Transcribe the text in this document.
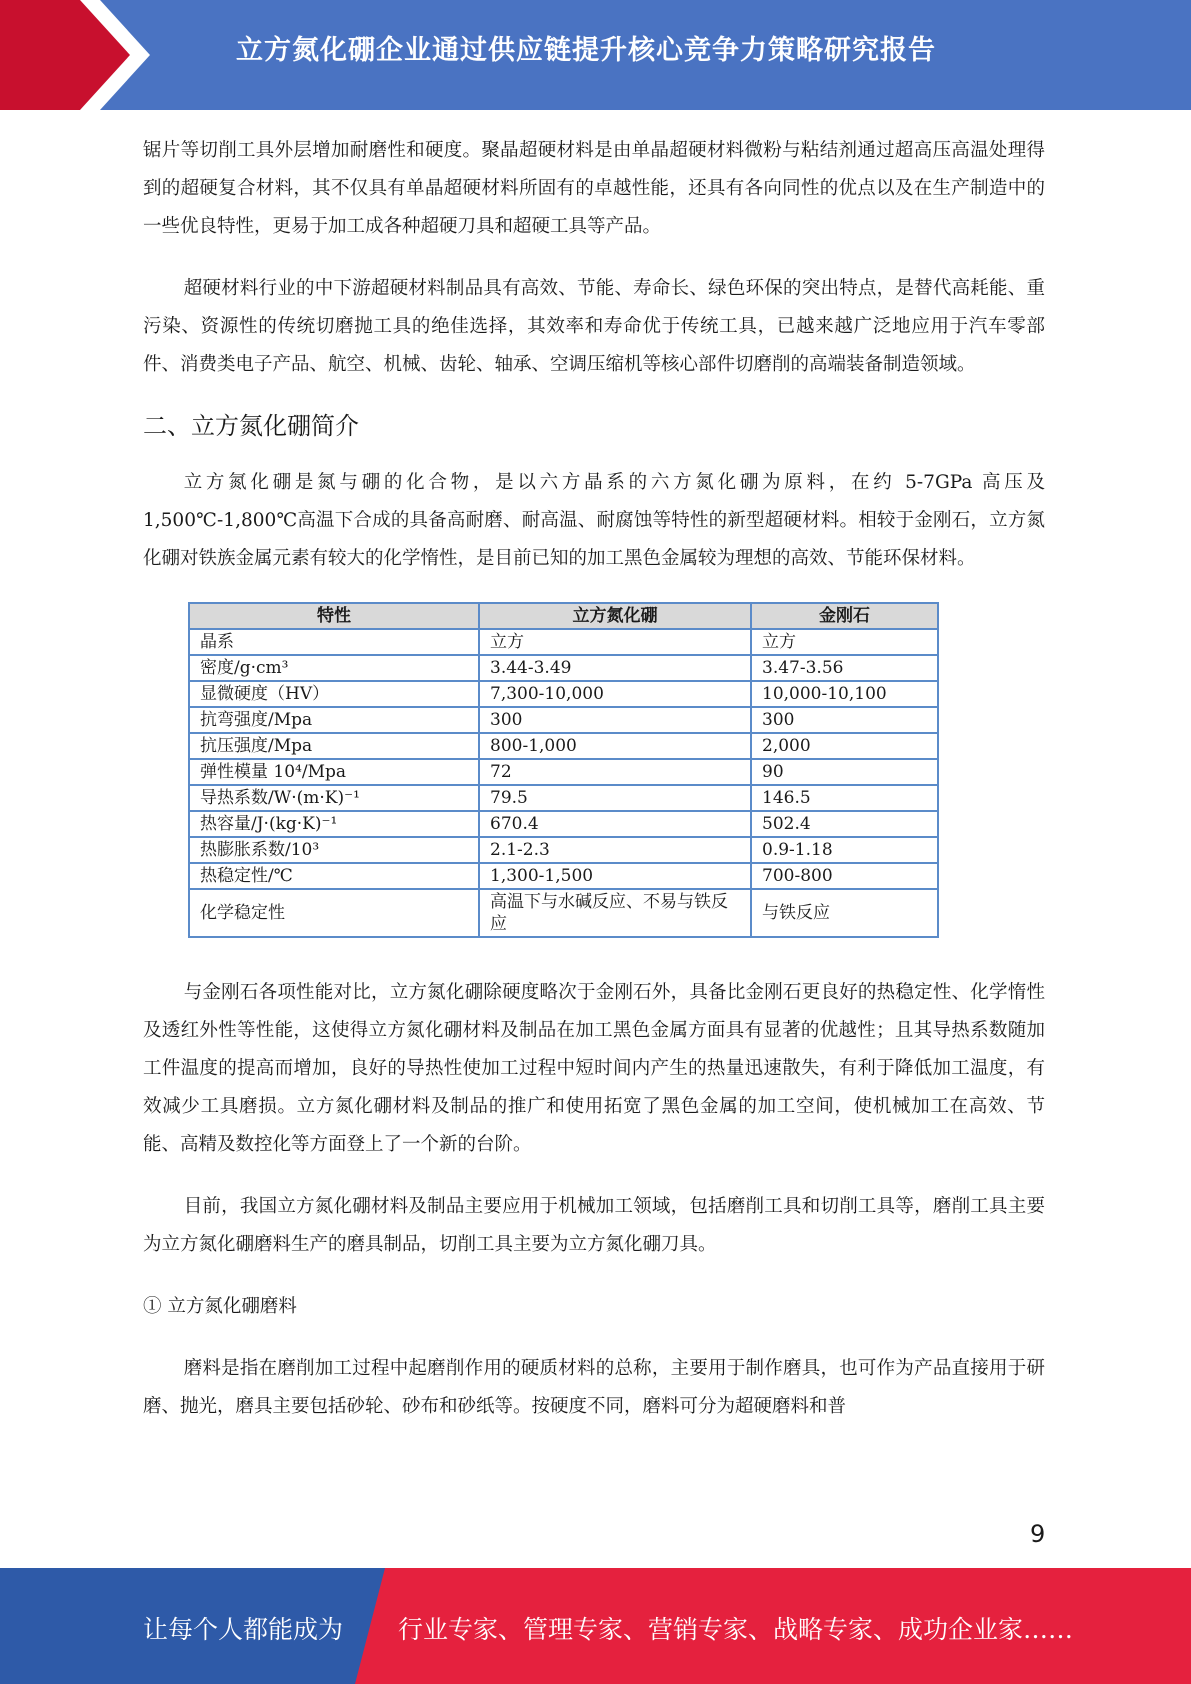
立方氮化硼企业通过供应链提升核心竞争力策略研究报告

锯片等切削工具外层增加耐磨性和硬度。聚晶超硬材料是由单晶超硬材料微粉与粘结剂通过超高压高温处理得到的超硬复合材料，其不仅具有单晶超硬材料所固有的卓越性能，还具有各向同性的优点以及在生产制造中的一些优良特性，更易于加工成各种超硬刀具和超硬工具等产品。

超硬材料行业的中下游超硬材料制品具有高效、节能、寿命长、绿色环保的突出特点，是替代高耗能、重污染、资源性的传统切磨抛工具的绝佳选择，其效率和寿命优于传统工具，已越来越广泛地应用于汽车零部件、消费类电子产品、航空、机械、齿轮、轴承、空调压缩机等核心部件切磨削的高端装备制造领域。

二、立方氮化硼简介

立方氮化硼是氮与硼的化合物，是以六方晶系的六方氮化硼为原料，在约 5-7GPa 高压及1,500℃-1,800℃高温下合成的具备高耐磨、耐高温、耐腐蚀等特性的新型超硬材料。相较于金刚石，立方氮化硼对铁族金属元素有较大的化学惰性，是目前已知的加工黑色金属较为理想的高效、节能环保材料。

特性	立方氮化硼	金刚石
晶系	立方	立方
密度/g·cm³	3.44-3.49	3.47-3.56
显微硬度（HV）	7,300-10,000	10,000-10,100
抗弯强度/Mpa	300	300
抗压强度/Mpa	800-1,000	2,000
弹性模量 10⁴/Mpa	72	90
导热系数/W·(m·K)⁻¹	79.5	146.5
热容量/J·(kg·K)⁻¹	670.4	502.4
热膨胀系数/10³	2.1-2.3	0.9-1.18
热稳定性/℃	1,300-1,500	700-800
化学稳定性	高温下与水碱反应、不易与铁反应	与铁反应

与金刚石各项性能对比，立方氮化硼除硬度略次于金刚石外，具备比金刚石更良好的热稳定性、化学惰性及透红外性等性能，这使得立方氮化硼材料及制品在加工黑色金属方面具有显著的优越性；且其导热系数随加工件温度的提高而增加，良好的导热性使加工过程中短时间内产生的热量迅速散失，有利于降低加工温度，有效减少工具磨损。立方氮化硼材料及制品的推广和使用拓宽了黑色金属的加工空间，使机械加工在高效、节能、高精及数控化等方面登上了一个新的台阶。

目前，我国立方氮化硼材料及制品主要应用于机械加工领域，包括磨削工具和切削工具等，磨削工具主要为立方氮化硼磨料生产的磨具制品，切削工具主要为立方氮化硼刀具。

① 立方氮化硼磨料

磨料是指在磨削加工过程中起磨削作用的硬质材料的总称，主要用于制作磨具，也可作为产品直接用于研磨、抛光，磨具主要包括砂轮、砂布和砂纸等。按硬度不同，磨料可分为超硬磨料和普

9
让每个人都能成为 行业专家、管理专家、营销专家、战略专家、成功企业家……
